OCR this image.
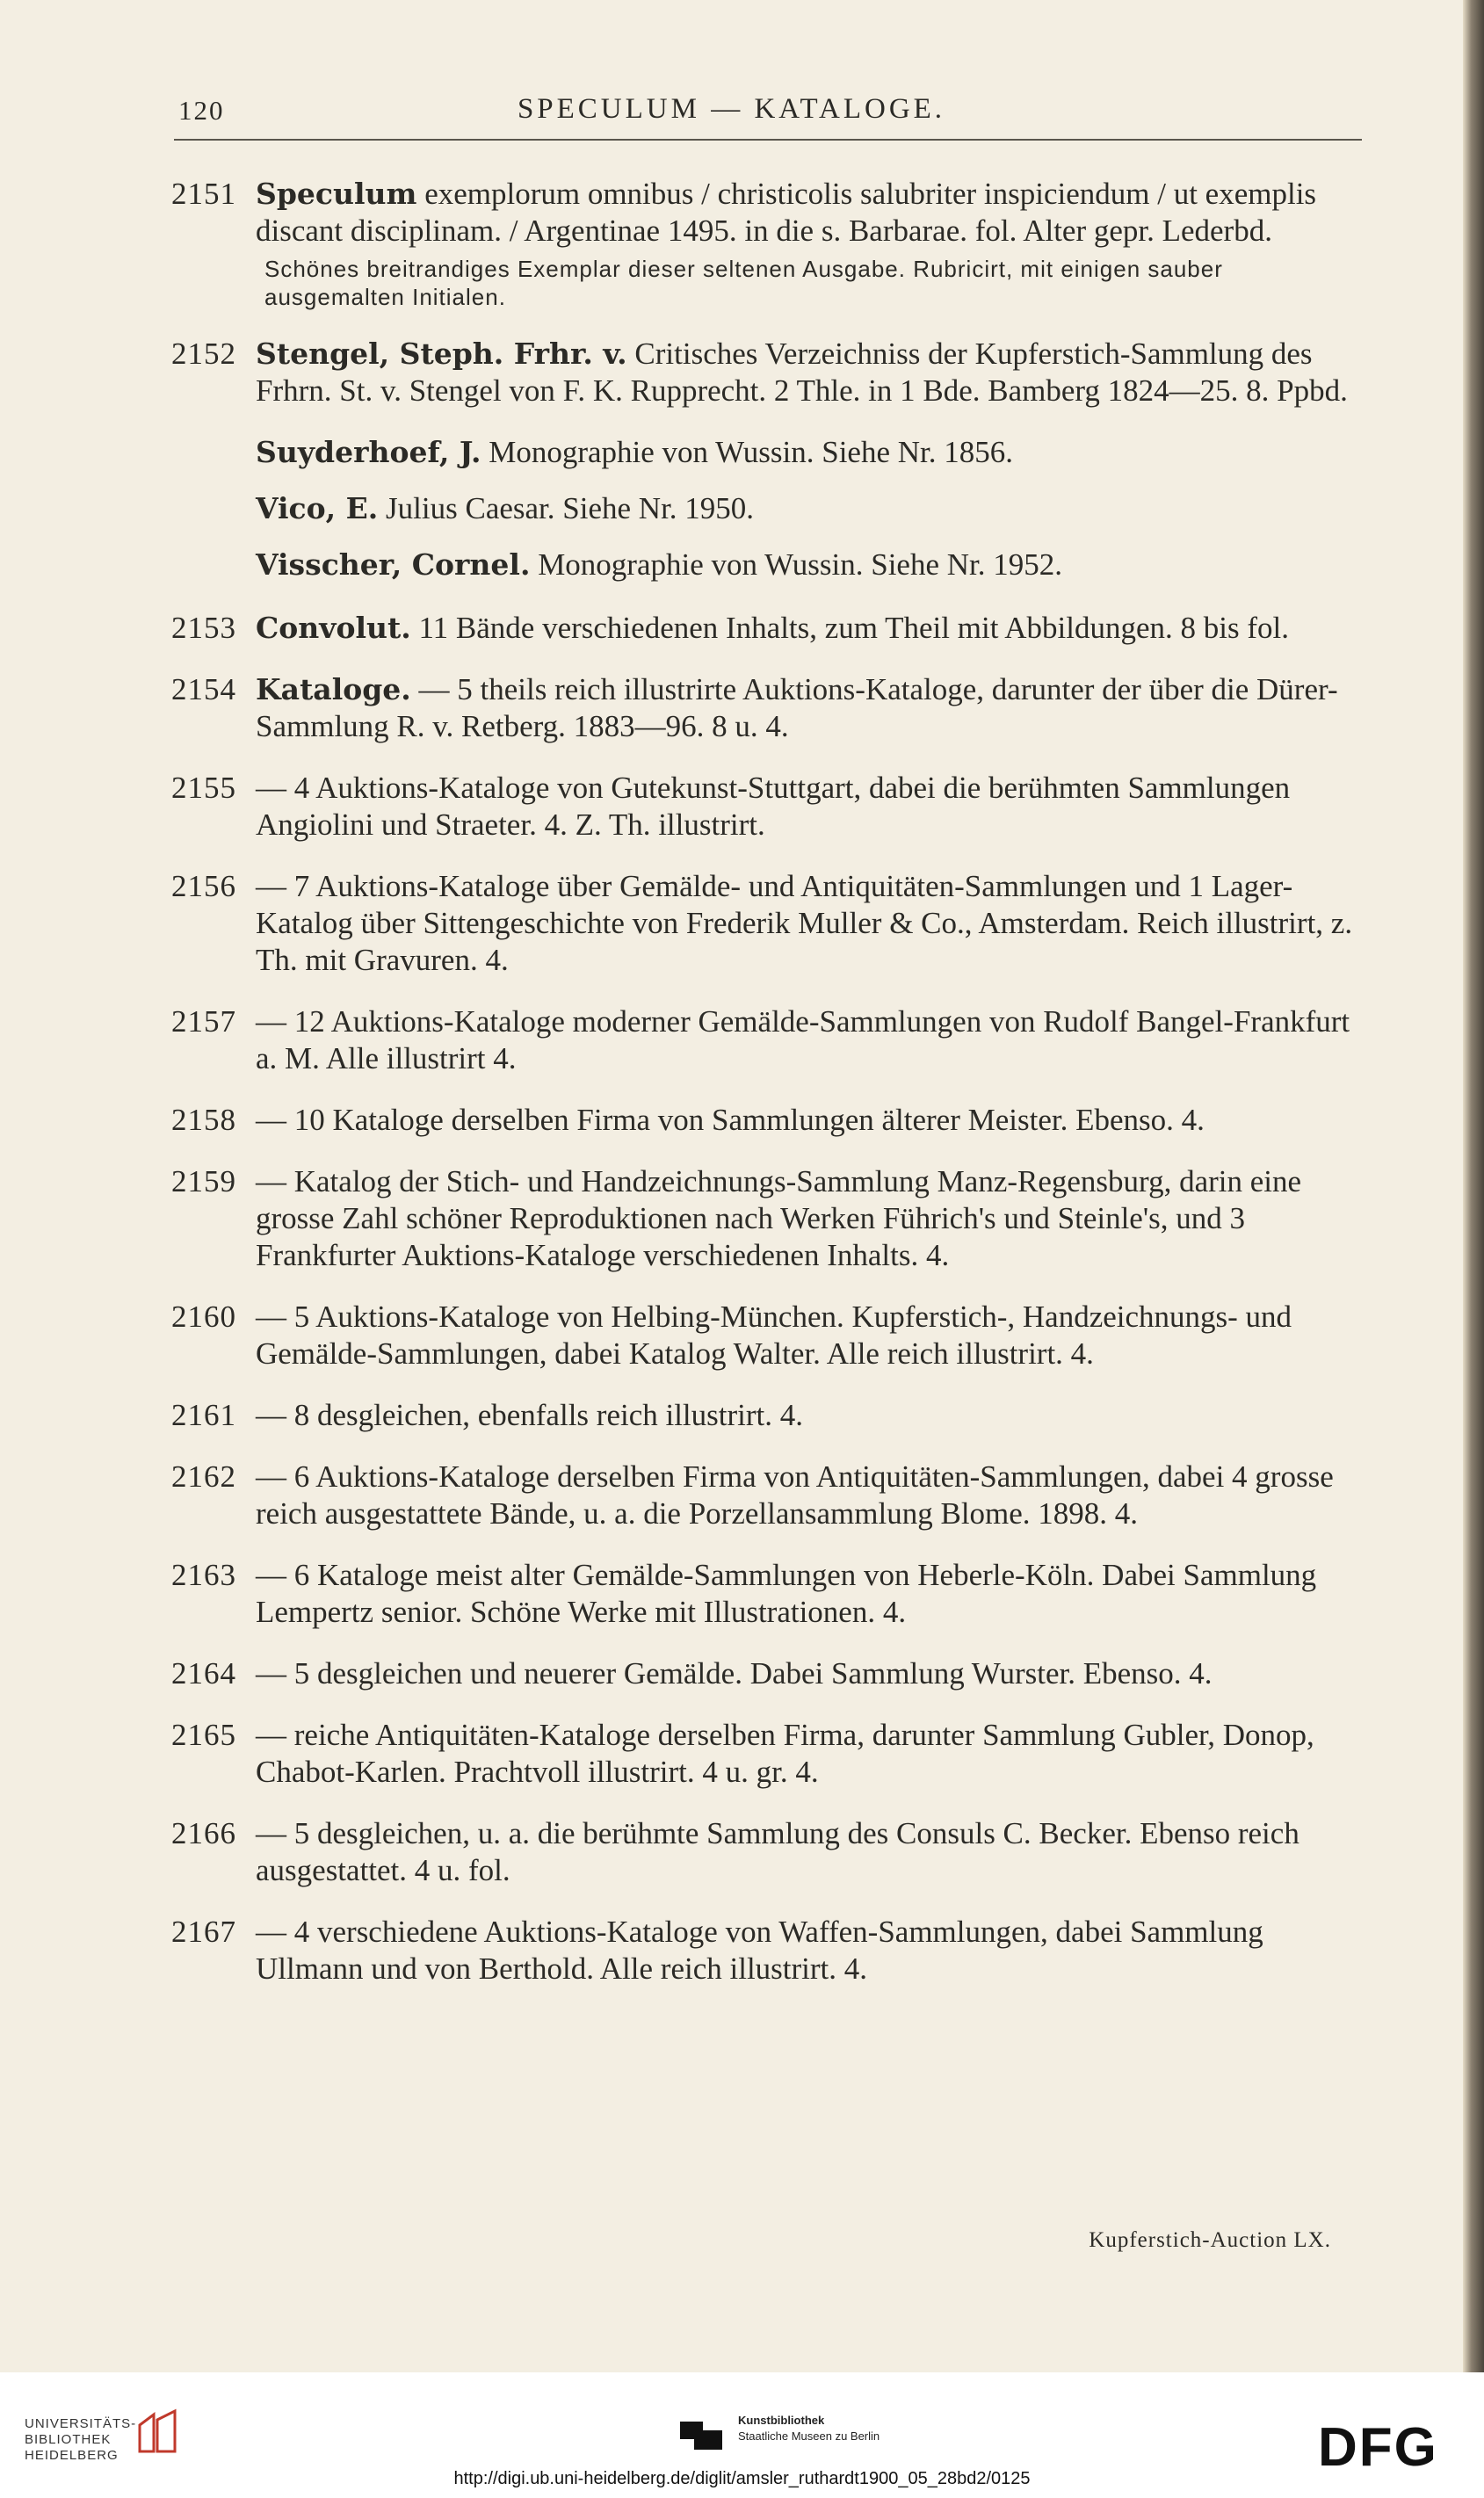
120	SPECULUM — KATALOGE.
2151 Speculum exemplorum omnibus / christicolis salubriter inspiciendum / ut exemplis discant disciplinam. / Argentinae 1495. in die s. Barbarae. fol. Alter gepr. Lederbd.
Schönes breitrandiges Exemplar dieser seltenen Ausgabe. Rubricirt, mit einigen sauber ausgemalten Initialen.
2152 Stengel, Steph. Frhr. v. Critisches Verzeichniss der Kupferstich-Sammlung des Frhrn. St. v. Stengel von F. K. Rupprecht. 2 Thle. in 1 Bde. Bamberg 1824—25. 8. Ppbd.
Suyderhoef, J. Monographie von Wussin. Siehe Nr. 1856.
Vico, E. Julius Caesar. Siehe Nr. 1950.
Visscher, Cornel. Monographie von Wussin. Siehe Nr. 1952.
2153 Convolut. 11 Bände verschiedenen Inhalts, zum Theil mit Abbildungen. 8 bis fol.
2154 Kataloge. — 5 theils reich illustrirte Auktions-Kataloge, darunter der über die Dürer-Sammlung R. v. Retberg. 1883—96. 8 u. 4.
2155 — 4 Auktions-Kataloge von Gutekunst-Stuttgart, dabei die berühmten Sammlungen Angiolini und Straeter. 4. Z. Th. illustrirt.
2156 — 7 Auktions-Kataloge über Gemälde- und Antiquitäten-Sammlungen und 1 Lager-Katalog über Sittengeschichte von Frederik Muller & Co., Amsterdam. Reich illustrirt, z. Th. mit Gravuren. 4.
2157 — 12 Auktions-Kataloge moderner Gemälde-Sammlungen von Rudolf Bangel-Frankfurt a. M. Alle illustrirt 4.
2158 — 10 Kataloge derselben Firma von Sammlungen älterer Meister. Ebenso. 4.
2159 — Katalog der Stich- und Handzeichnungs-Sammlung Manz-Regensburg, darin eine grosse Zahl schöner Reproduktionen nach Werken Führich's und Steinle's, und 3 Frankfurter Auktions-Kataloge verschiedenen Inhalts. 4.
2160 — 5 Auktions-Kataloge von Helbing-München. Kupferstich-, Handzeichnungs- und Gemälde-Sammlungen, dabei Katalog Walter. Alle reich illustrirt. 4.
2161 — 8 desgleichen, ebenfalls reich illustrirt. 4.
2162 — 6 Auktions-Kataloge derselben Firma von Antiquitäten-Sammlungen, dabei 4 grosse reich ausgestattete Bände, u. a. die Porzellansammlung Blome. 1898. 4.
2163 — 6 Kataloge meist alter Gemälde-Sammlungen von Heberle-Köln. Dabei Sammlung Lempertz senior. Schöne Werke mit Illustrationen. 4.
2164 — 5 desgleichen und neuerer Gemälde. Dabei Sammlung Wurster. Ebenso. 4.
2165 — reiche Antiquitäten-Kataloge derselben Firma, darunter Sammlung Gubler, Donop, Chabot-Karlen. Prachtvoll illustrirt. 4 u. gr. 4.
2166 — 5 desgleichen, u. a. die berühmte Sammlung des Consuls C. Becker. Ebenso reich ausgestattet. 4 u. fol.
2167 — 4 verschiedene Auktions-Kataloge von Waffen-Sammlungen, dabei Sammlung Ullmann und von Berthold. Alle reich illustrirt. 4.
Kupferstich-Auction LX.
UNIVERSITÄTS-
BIBLIOTHEK
HEIDELBERG
Kunstbibliothek
Staatliche Museen zu Berlin	DFG
http://digi.ub.uni-heidelberg.de/diglit/amsler_ruthardt1900_05_28bd2/0125
